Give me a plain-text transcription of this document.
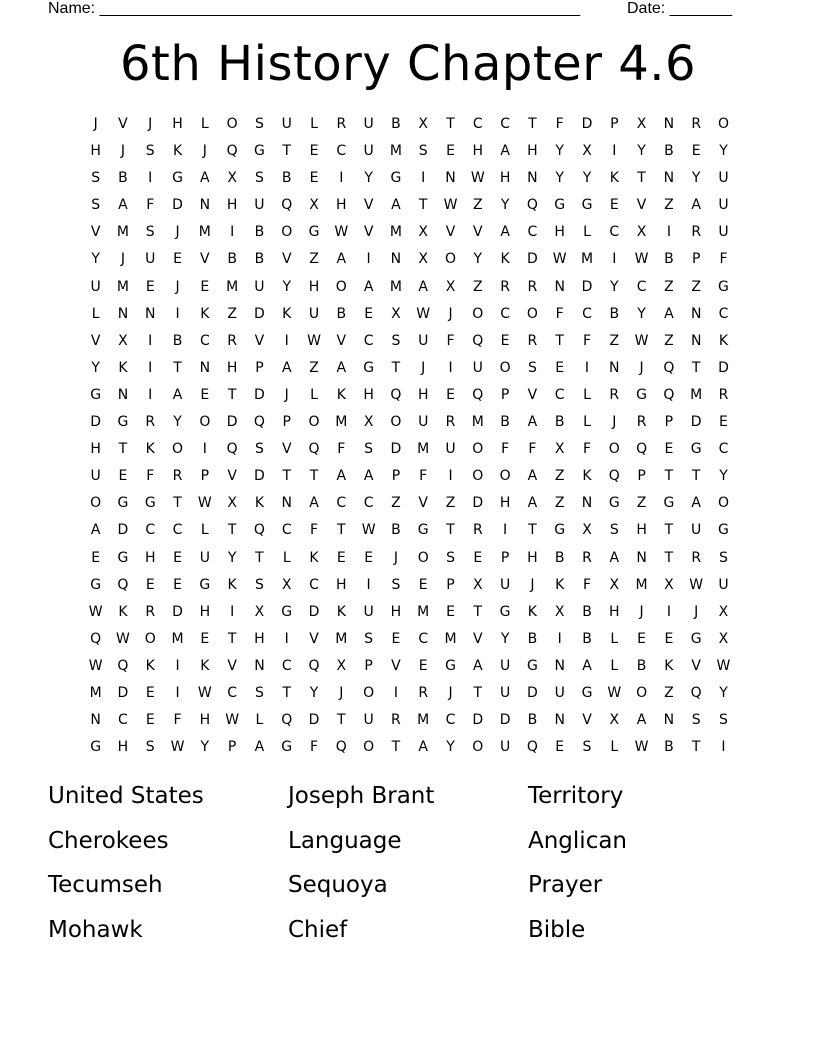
Name: ______________________________________________________	Date: _______
6th History Chapter 4.6
J	V	J	H	L	O	S	U	L	R	U	B	X	T	C	C	T	F	D	P	X	N	R	O
H	J	S	K	J	Q	G	T	E	C	U	M	S	E	H	A	H	Y	X	I	Y	B	E	Y
S	B	I	G	A	X	S	B	E	I	Y	G	I	N	W	H	N	Y	Y	K	T	N	Y	U
S	A	F	D	N	H	U	Q	X	H	V	A	T	W	Z	Y	Q	G	G	E	V	Z	A	U
V	M	S	J	M	I	B	O	G	W	V	M	X	V	V	A	C	H	L	C	X	I	R	U
Y	J	U	E	V	B	B	V	Z	A	I	N	X	O	Y	K	D	W	M	I	W	B	P	F
U	M	E	J	E	M	U	Y	H	O	A	M	A	X	Z	R	R	N	D	Y	C	Z	Z	G
L	N	N	I	K	Z	D	K	U	B	E	X	W	J	O	C	O	F	C	B	Y	A	N	C
V	X	I	B	C	R	V	I	W	V	C	S	U	F	Q	E	R	T	F	Z	W	Z	N	K
Y	K	I	T	N	H	P	A	Z	A	G	T	J	I	U	O	S	E	I	N	J	Q	T	D
G	N	I	A	E	T	D	J	L	K	H	Q	H	E	Q	P	V	C	L	R	G	Q	M	R
D	G	R	Y	O	D	Q	P	O	M	X	O	U	R	M	B	A	B	L	J	R	P	D	E
H	T	K	O	I	Q	S	V	Q	F	S	D	M	U	O	F	F	X	F	O	Q	E	G	C
U	E	F	R	P	V	D	T	T	A	A	P	F	I	O	O	A	Z	K	Q	P	T	T	Y
O	G	G	T	W	X	K	N	A	C	C	Z	V	Z	D	H	A	Z	N	G	Z	G	A	O
A	D	C	C	L	T	Q	C	F	T	W	B	G	T	R	I	T	G	X	S	H	T	U	G
E	G	H	E	U	Y	T	L	K	E	E	J	O	S	E	P	H	B	R	A	N	T	R	S
G	Q	E	E	G	K	S	X	C	H	I	S	E	P	X	U	J	K	F	X	M	X	W	U
W	K	R	D	H	I	X	G	D	K	U	H	M	E	T	G	K	X	B	H	J	I	J	X
Q	W	O	M	E	T	H	I	V	M	S	E	C	M	V	Y	B	I	B	L	E	E	G	X
W	Q	K	I	K	V	N	C	Q	X	P	V	E	G	A	U	G	N	A	L	B	K	V	W
M	D	E	I	W	C	S	T	Y	J	O	I	R	J	T	U	D	U	G	W	O	Z	Q	Y
N	C	E	F	H	W	L	Q	D	T	U	R	M	C	D	D	B	N	V	X	A	N	S	S
G	H	S	W	Y	P	A	G	F	Q	O	T	A	Y	O	U	Q	E	S	L	W	B	T	I
United States	Joseph Brant	Territory
Cherokees	Language	Anglican
Tecumseh	Sequoya	Prayer
Mohawk	Chief	Bible
